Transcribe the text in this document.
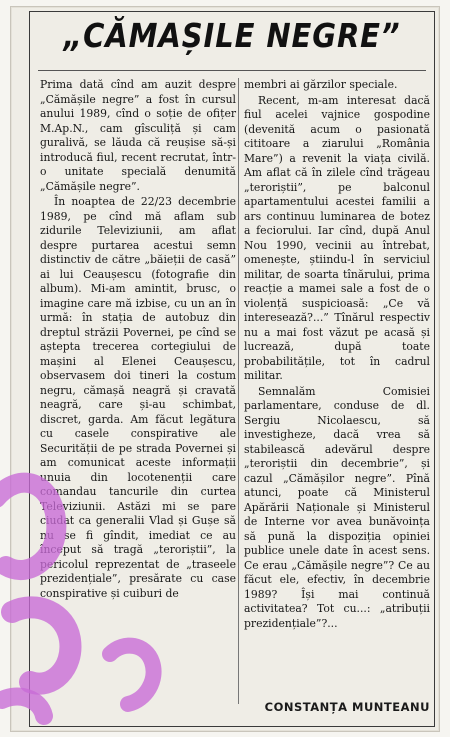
„CĂMAȘILE NEGRE”

Prima dată cînd am auzit despre „Cămășile negre” a fost în cursul anului 1989, cînd o soție de ofițer M.Ap.N., cam gîsculiță și cam guralivă, se lăuda că reușise să-și introducă fiul, recent recrutat, într-o unitate specială denumită „Cămășile negre”.

În noaptea de 22/23 decembrie 1989, pe cînd mă aflam sub zidurile Televiziunii, am aflat despre purtarea acestui semn distinctiv de către „băieții de casă” ai lui Ceaușescu (fotografie din album). Mi-am amintit, brusc, o imagine care mă izbise, cu un an în urmă: în stația de autobuz din dreptul străzii Povernei, pe cînd se aștepta trecerea cortegiului de mașini al Elenei Ceaușescu, observasem doi tineri la costum negru, cămașă neagră și cravată neagră, care și-au schimbat, discret, garda. Am făcut legătura cu casele conspirative ale Securității de pe strada Povernei și am comunicat aceste informații unuia din locotenenții care comandau tancurile din curtea Televiziunii. Astăzi mi se pare ciudat ca generalii Vlad și Gușe să nu se fi gîndit, imediat ce au început să tragă „teroriștii”, la pericolul reprezentat de „traseele prezidențiale”, presărate cu case conspirative și cuiburi de

membri ai gărzilor speciale.

Recent, m-am interesat dacă fiul acelei vajnice gospodine (devenită acum o pasionată cititoare a ziarului „România Mare”) a revenit la viața civilă. Am aflat că în zilele cînd trăgeau „teroriștii”, pe balconul apartamentului acestei familii a ars continuu luminarea de botez a feciorului. Iar cînd, după Anul Nou 1990, vecinii au întrebat, omenește, știindu-l în serviciul militar, de soarta tînărului, prima reacție a mamei sale a fost de o violență suspicioasă: „Ce vă interesează?...” Tînărul respectiv nu a mai fost văzut pe acasă și lucrează, după toate probabilitățile, tot în cadrul militar.

Semnalăm Comisiei parlamentare, conduse de dl. Sergiu Nicolaescu, să investigheze, dacă vrea să stabilească adevărul despre „teroriștii din decembrie”, și cazul „Cămășilor negre”. Pînă atunci, poate că Ministerul Apărării Naționale și Ministerul de Interne vor avea bunăvoința să pună la dispoziția opiniei publice unele date în acest sens. Ce erau „Cămășile negre”? Ce au făcut ele, efectiv, în decembrie 1989? Își mai continuă activitatea? Tot cu...: „atribuții prezidențiale”?...

CONSTANȚA MUNTEANU
